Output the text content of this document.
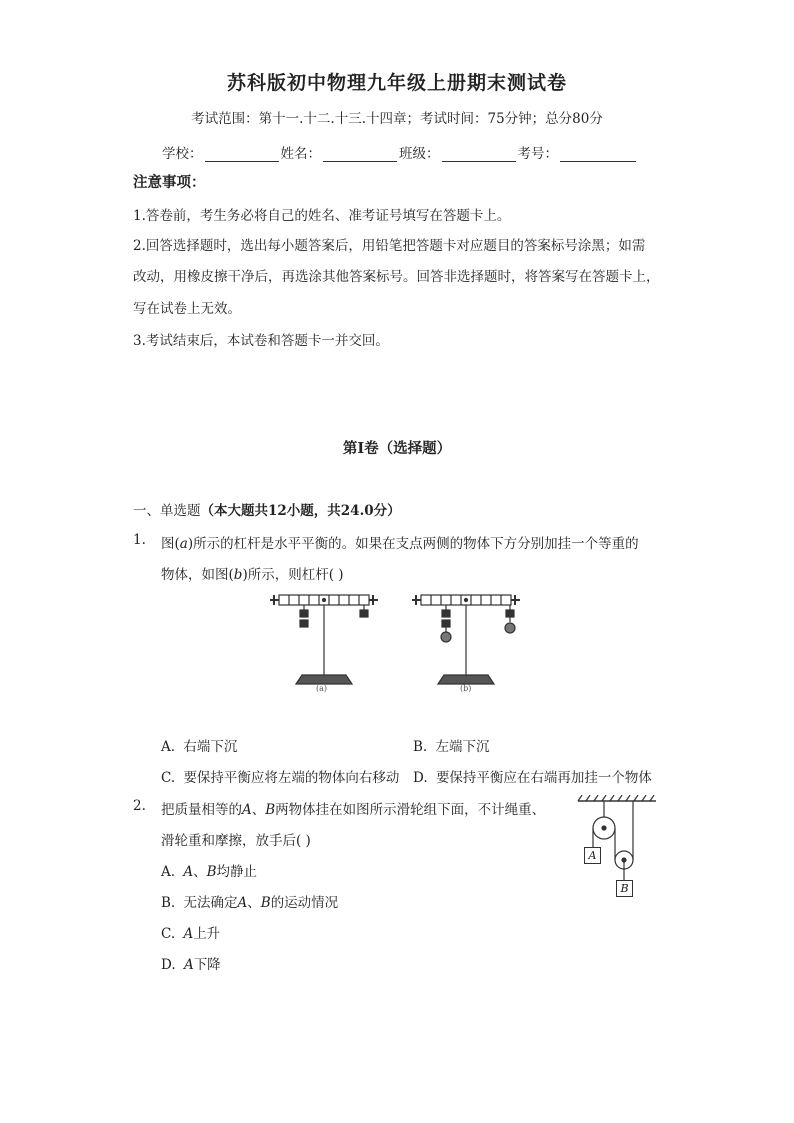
苏科版初中物理九年级上册期末测试卷
考试范围：第十一.十二.十三.十四章；考试时间：75分钟；总分80分
学校：	姓名：	班级：	考号：
注意事项：
1.答卷前，考生务必将自己的姓名、准考证号填写在答题卡上。
2.回答选择题时，选出每小题答案后，用铅笔把答题卡对应题目的答案标号涂黑；如需
改动，用橡皮擦干净后，再选涂其他答案标号。回答非选择题时，将答案写在答题卡上，
写在试卷上无效。
3.考试结束后，本试卷和答题卡一并交回。
第I卷（选择题）
一、单选题（本大题共12小题，共24.0分）
1. 图(a)所示的杠杆是水平平衡的。如果在支点两侧的物体下方分别加挂一个等重的
物体，如图(b)所示，则杠杆( )
(a)	(b)
A. 右端下沉	B. 左端下沉
C. 要保持平衡应将左端的物体向右移动 D. 要保持平衡应在右端再加挂一个物体
2. 把质量相等的A、B两物体挂在如图所示滑轮组下面，不计绳重、
滑轮重和摩擦，放手后( )
A
B
A. A、B均静止
B. 无法确定A、B的运动情况
C. A上升
D. A下降
